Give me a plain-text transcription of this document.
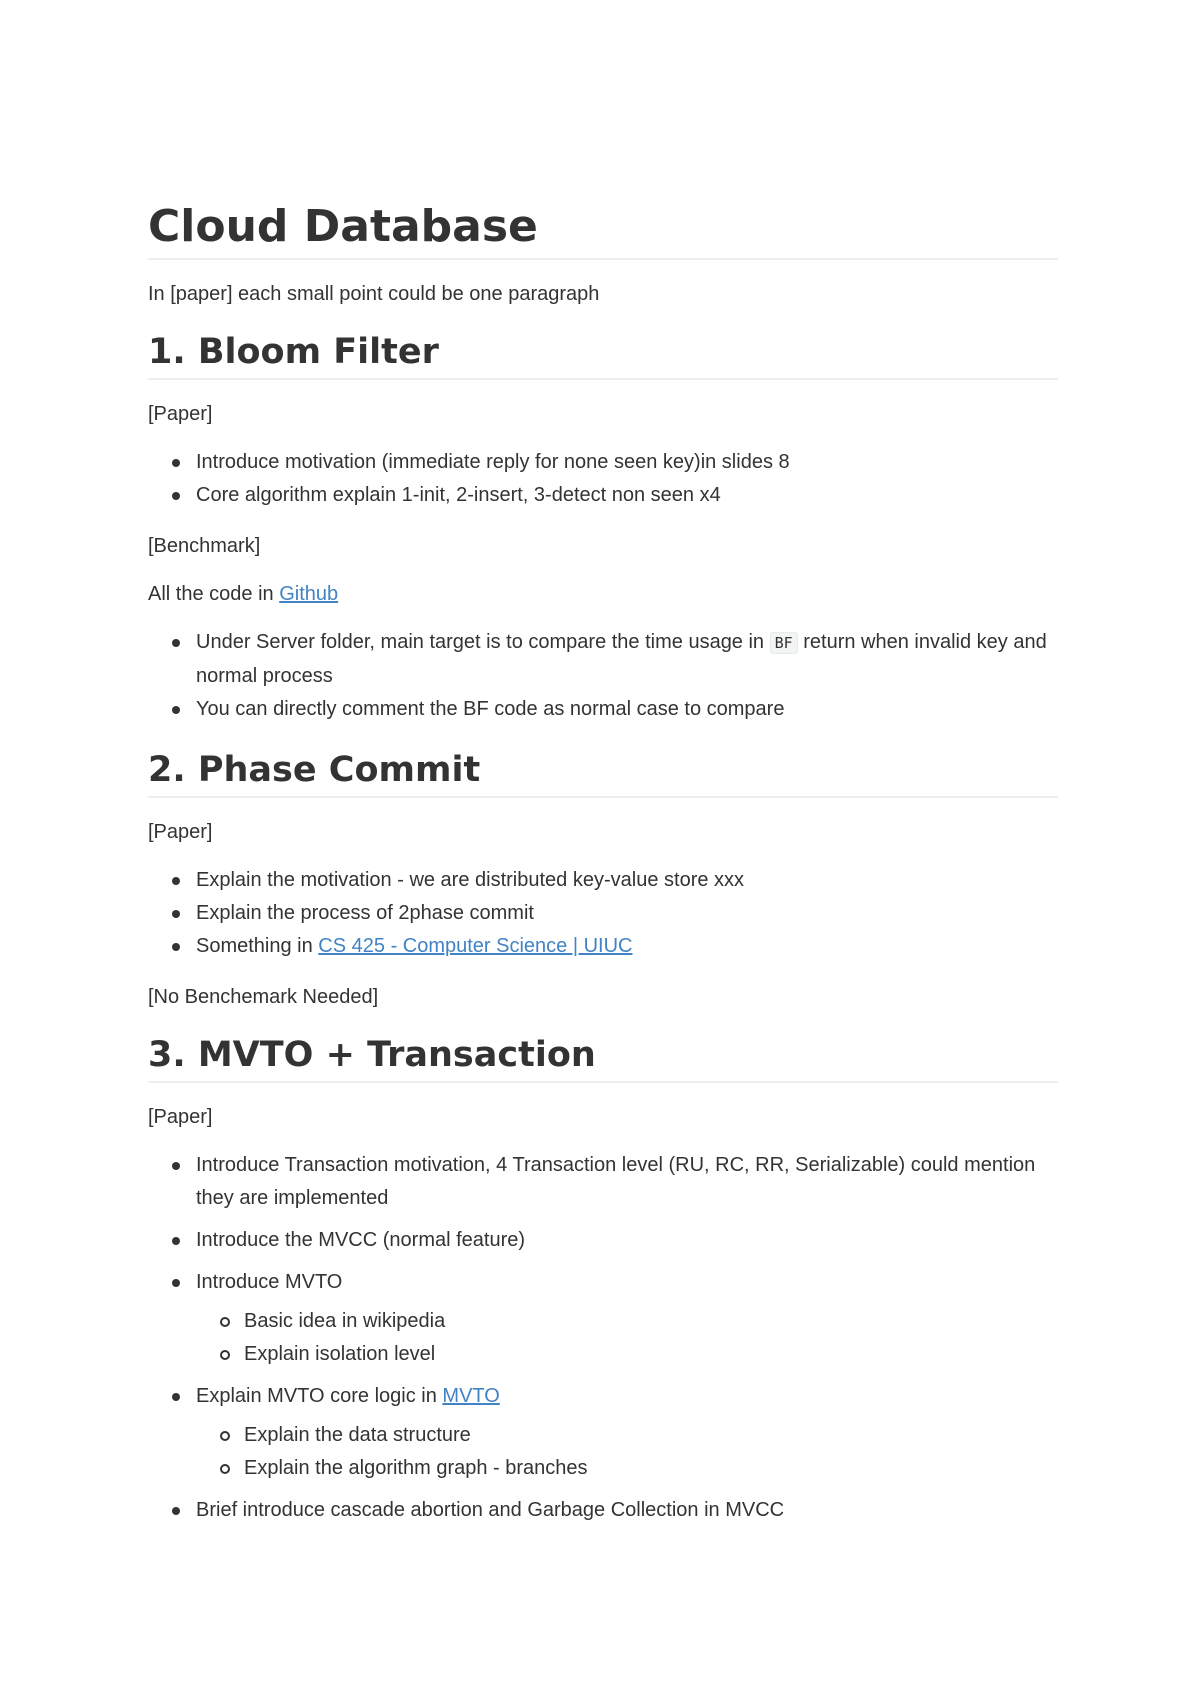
Cloud Database

In [paper] each small point could be one paragraph

1. Bloom Filter

[Paper]

Introduce motivation (immediate reply for none seen key)in slides 8
Core algorithm explain 1-init, 2-insert, 3-detect non seen x4

[Benchmark]

All the code in Github

Under Server folder, main target is to compare the time usage in BF return when invalid key and normal process
You can directly comment the BF code as normal case to compare
2. Phase Commit

[Paper]

Explain the motivation - we are distributed key-value store xxx
Explain the process of 2phase commit
Something in CS 425 - Computer Science | UIUC

[No Benchemark Needed]

3. MVTO + Transaction

[Paper]

Introduce Transaction motivation, 4 Transaction level (RU, RC, RR, Serializable) could mention they are implemented
Introduce the MVCC (normal feature)
Introduce MVTO
Basic idea in wikipedia
Explain isolation level
Explain MVTO core logic in MVTO
Explain the data structure
Explain the algorithm graph - branches
Brief introduce cascade abortion and Garbage Collection in MVCC
